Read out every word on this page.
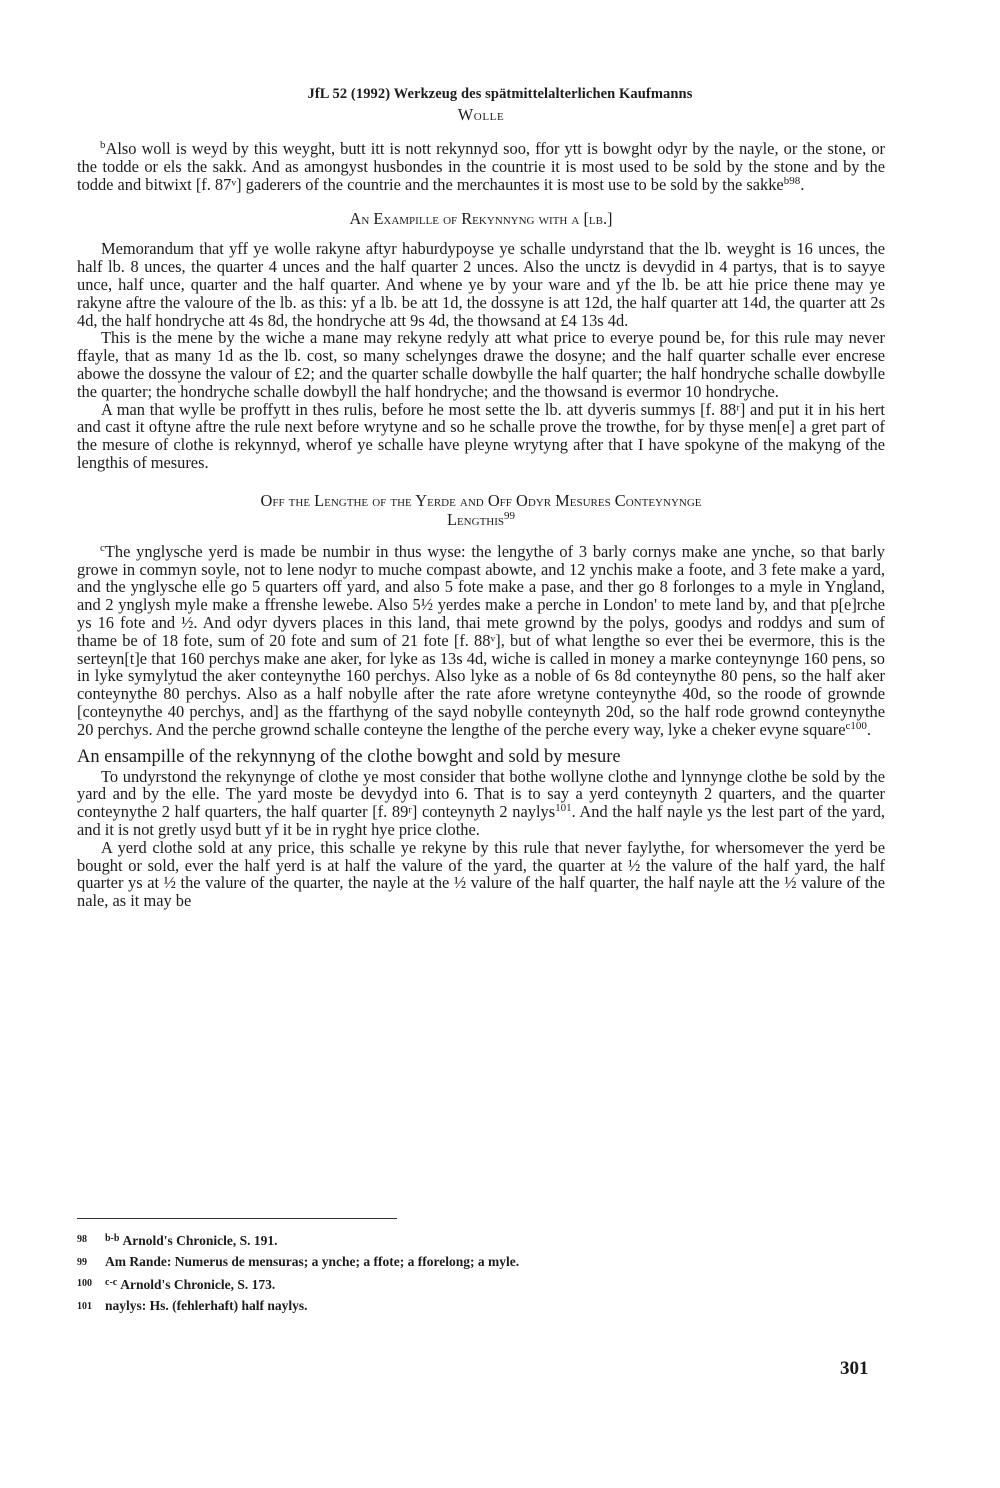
JfL 52 (1992) Werkzeug des spätmittelalterlichen Kaufmanns
Wolle

$^b$Also woll is weyd by this weyght, butt itt is nott rekynnyd soo, ffor ytt is bowght odyr by the nayle, or the stone, or the todde or els the sakk. And as amongyst husbondes in the countrie it is most used to be sold by the stone and by the todde and bitwixt [f. 87ᵛ] gaderers of the countrie and the merchauntes it is most use to be sold by the sakke$^{b98}$.

An Exampille of Rekynnyng with a [lb.]

Memorandum that yff ye wolle rakyne aftyr haburdypoyse ye schalle undyrstand that the lb. weyght is 16 unces, the half lb. 8 unces, the quarter 4 unces and the half quarter 2 unces. Also the unctz is devydid in 4 partys, that is to sayye unce, half unce, quarter and the half quarter. And whene ye by your ware and yf the lb. be att hie price thene may ye rakyne aftre the valoure of the lb. as this: yf a lb. be att 1d, the dossyne is att 12d, the half quarter att 14d, the quarter att 2s 4d, the half hondryche att 4s 8d, the hondryche att 9s 4d, the thowsand at £4 13s 4d.

This is the mene by the wiche a mane may rekyne redyly att what price to everye pound be, for this rule may never ffayle, that as many 1d as the lb. cost, so many schelynges drawe the dosyne; and the half quarter schalle ever encrese abowe the dossyne the valour of £2; and the quarter schalle dowbylle the half quarter; the half hondryche schalle dowbylle the quarter; the hondryche schalle dowbyll the half hondryche; and the thowsand is evermor 10 hondryche.

A man that wylle be proffytt in thes rulis, before he most sette the lb. att dyveris summys [f. 88ʳ] and put it in his hert and cast it oftyne aftre the rule next before wrytyne and so he schalle prove the trowthe, for by thyse men[e] a gret part of the mesure of clothe is rekynnyd, wherof ye schalle have pleyne wrytyng after that I have spokyne of the makyng of the lengthis of mesures.

Off the Lengthe of the Yerde and Off Odyr Mesures Conteynynge
Lengthis$^{99}$

$^c$The ynglysche yerd is made be numbir in thus wyse: the lengythe of 3 barly cornys make ane ynche, so that barly growe in commyn soyle, not to lene nodyr to muche compast abowte, and 12 ynchis make a foote, and 3 fete make a yard, and the ynglysche elle go 5 quarters off yard, and also 5 fote make a pase, and ther go 8 forlonges to a myle in Yngland, and 2 ynglysh myle make a ffrenshe lewebe. Also 5½ yerdes make a perche in London' to mete land by, and that p[e]rche ys 16 fote and ½. And odyr dyvers places in this land, thai mete grownd by the polys, goodys and roddys and sum of thame be of 18 fote, sum of 20 fote and sum of 21 fote [f. 88ᵛ], but of what lengthe so ever thei be evermore, this is the serteyn[t]e that 160 perchys make ane aker, for lyke as 13s 4d, wiche is called in money a marke conteynynge 160 pens, so in lyke symylytud the aker conteynythe 160 perchys. Also lyke as a noble of 6s 8d conteynythe 80 pens, so the half aker conteynythe 80 perchys. Also as a half nobylle after the rate afore wretyne conteynythe 40d, so the roode of grownde [conteynythe 40 perchys, and] as the ffarthyng of the sayd nobylle conteynyth 20d, so the half rode grownd conteynythe 20 perchys. And the perche grownd schalle conteyne the lengthe of the perche every way, lyke a cheker evyne square$^{c100}$.

An ensampille of the rekynnyng of the clothe bowght and sold by mesure

To undyrstond the rekynynge of clothe ye most consider that bothe wollyne clothe and lynnynge clothe be sold by the yard and by the elle. The yard moste be devydyd into 6. That is to say a yerd conteynyth 2 quarters, and the quarter conteynythe 2 half quarters, the half quarter [f. 89ʳ] conteynyth 2 naylys$^{101}$. And the half nayle ys the lest part of the yard, and it is not gretly usyd butt yf it be in ryght hye price clothe.

A yerd clothe sold at any price, this schalle ye rekyne by this rule that never faylythe, for whersomever the yerd be bought or sold, ever the half yerd is at half the valure of the yard, the quarter at ½ the valure of the half yard, the half quarter ys at ½ the valure of the quarter, the nayle at the ½ valure of the half quarter, the half nayle att the ½ valure of the nale, as it may be

98	$^{b-b}$ Arnold's Chronicle, S. 191.
99	Am Rande: Numerus de mensuras; a ynche; a ffote; a fforelong; a myle.
100	$^{c-c}$ Arnold's Chronicle, S. 173.
101 naylys: Hs. (fehlerhaft) half naylys.
301
